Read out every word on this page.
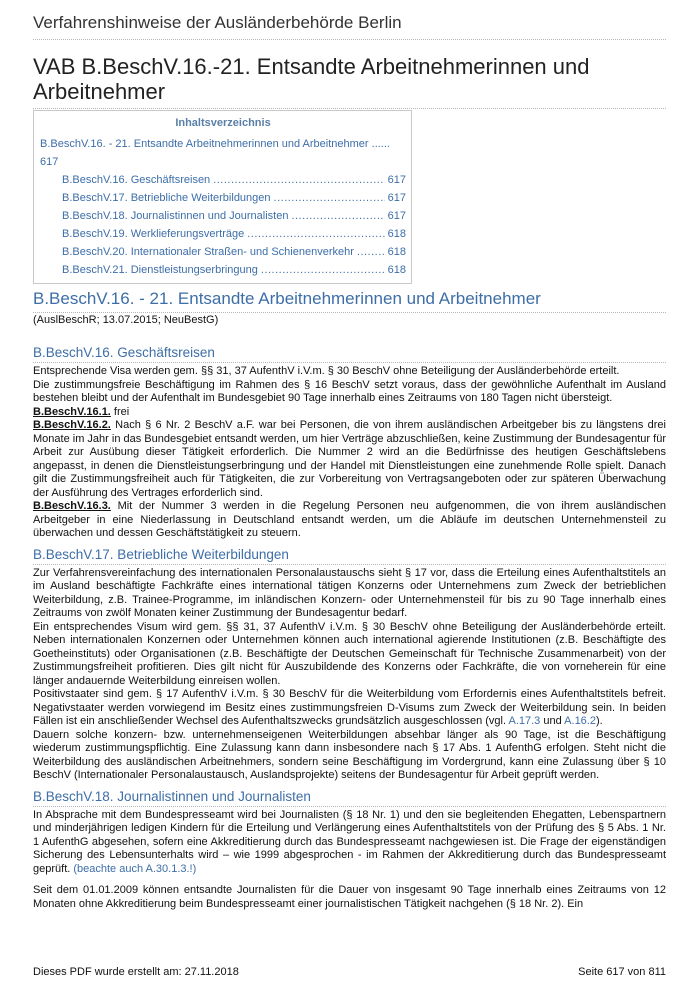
Verfahrenshinweise der Ausländerbehörde Berlin
VAB B.BeschV.16.-21. Entsandte Arbeitnehmerinnen und Arbeitnehmer
Inhaltsverzeichnis
B.BeschV.16. - 21. Entsandte Arbeitnehmerinnen und Arbeitnehmer ......
617
B.BeschV.16. Geschäftsreisen .....	617
B.BeschV.17. Betriebliche Weiterbildungen .....	617
B.BeschV.18. Journalistinnen und Journalisten .....	617
B.BeschV.19. Werklieferungsverträge .....	618
B.BeschV.20. Internationaler Straßen- und Schienenverkehr .....	618
B.BeschV.21. Dienstleistungserbringung .....	618
B.BeschV.16. - 21. Entsandte Arbeitnehmerinnen und Arbeitnehmer
(AuslBeschR; 13.07.2015; NeuBestG)
B.BeschV.16. Geschäftsreisen

Entsprechende Visa werden gem. §§ 31, 37 AufenthV i.V.m. § 30 BeschV ohne Beteiligung der Ausländerbehörde erteilt.

Die zustimmungsfreie Beschäftigung im Rahmen des § 16 BeschV setzt voraus, dass der gewöhnliche Aufenthalt im Ausland bestehen bleibt und der Aufenthalt im Bundesgebiet 90 Tage innerhalb eines Zeitraums von 180 Tagen nicht übersteigt.

B.BeschV.16.1. frei

B.BeschV.16.2. Nach § 6 Nr. 2 BeschV a.F. war bei Personen, die von ihrem ausländischen Arbeitgeber bis zu längstens drei Monate im Jahr in das Bundesgebiet entsandt werden, um hier Verträge abzuschließen, keine Zustimmung der Bundesagentur für Arbeit zur Ausübung dieser Tätigkeit erforderlich. Die Nummer 2 wird an die Bedürfnisse des heutigen Geschäftslebens angepasst, in denen die Dienstleistungserbringung und der Handel mit Dienstleistungen eine zunehmende Rolle spielt. Danach gilt die Zustimmungsfreiheit auch für Tätigkeiten, die zur Vorbereitung von Vertragsangeboten oder zur späteren Überwachung der Ausführung des Vertrages erforderlich sind.

B.BeschV.16.3. Mit der Nummer 3 werden in die Regelung Personen neu aufgenommen, die von ihrem ausländischen Arbeitgeber in eine Niederlassung in Deutschland entsandt werden, um die Abläufe im deutschen Unternehmensteil zu überwachen und dessen Geschäftstätigkeit zu steuern.

B.BeschV.17. Betriebliche Weiterbildungen

Zur Verfahrensvereinfachung des internationalen Personalaustauschs sieht § 17 vor, dass die Erteilung eines Aufenthaltstitels an im Ausland beschäftigte Fachkräfte eines international tätigen Konzerns oder Unternehmens zum Zweck der betrieblichen Weiterbildung, z.B. Trainee-Programme, im inländischen Konzern- oder Unternehmensteil für bis zu 90 Tage innerhalb eines Zeitraums von zwölf Monaten keiner Zustimmung der Bundesagentur bedarf.

Ein entsprechendes Visum wird gem. §§ 31, 37 AufenthV i.V.m. § 30 BeschV ohne Beteiligung der Ausländerbehörde erteilt. Neben internationalen Konzernen oder Unternehmen können auch international agierende Institutionen (z.B. Beschäftigte des Goetheinstituts) oder Organisationen (z.B. Beschäftigte der Deutschen Gemeinschaft für Technische Zusammenarbeit) von der Zustimmungsfreiheit profitieren. Dies gilt nicht für Auszubildende des Konzerns oder Fachkräfte, die von vorneherein für eine länger andauernde Weiterbildung einreisen wollen.

Positivstaater sind gem. § 17 AufenthV i.V.m. § 30 BeschV für die Weiterbildung vom Erfordernis eines Aufenthaltstitels befreit. Negativstaater werden vorwiegend im Besitz eines zustimmungsfreien D-Visums zum Zweck der Weiterbildung sein. In beiden Fällen ist ein anschließender Wechsel des Aufenthaltszwecks grundsätzlich ausgeschlossen (vgl. A.17.3 und A.16.2).

Dauern solche konzern- bzw. unternehmenseigenen Weiterbildungen absehbar länger als 90 Tage, ist die Beschäftigung wiederum zustimmungspflichtig. Eine Zulassung kann dann insbesondere nach § 17 Abs. 1 AufenthG erfolgen. Steht nicht die Weiterbildung des ausländischen Arbeitnehmers, sondern seine Beschäftigung im Vordergrund, kann eine Zulassung über § 10 BeschV (Internationaler Personalaustausch, Auslandsprojekte) seitens der Bundesagentur für Arbeit geprüft werden.

B.BeschV.18. Journalistinnen und Journalisten

In Absprache mit dem Bundespresseamt wird bei Journalisten (§ 18 Nr. 1) und den sie begleitenden Ehegatten, Lebenspartnern und minderjährigen ledigen Kindern für die Erteilung und Verlängerung eines Aufenthaltstitels von der Prüfung des § 5 Abs. 1 Nr. 1 AufenthG abgesehen, sofern eine Akkreditierung durch das Bundespresseamt nachgewiesen ist. Die Frage der eigenständigen Sicherung des Lebensunterhalts wird – wie 1999 abgesprochen - im Rahmen der Akkreditierung durch das Bundespresseamt geprüft. (beachte auch A.30.1.3.!)

Seit dem 01.01.2009 können entsandte Journalisten für die Dauer von insgesamt 90 Tage innerhalb eines Zeitraums von 12 Monaten ohne Akkreditierung beim Bundespresseamt einer journalistischen Tätigkeit nachgehen (§ 18 Nr. 2). Ein

Dieses PDF wurde erstellt am: 27.11.2018	Seite 617 von 811
